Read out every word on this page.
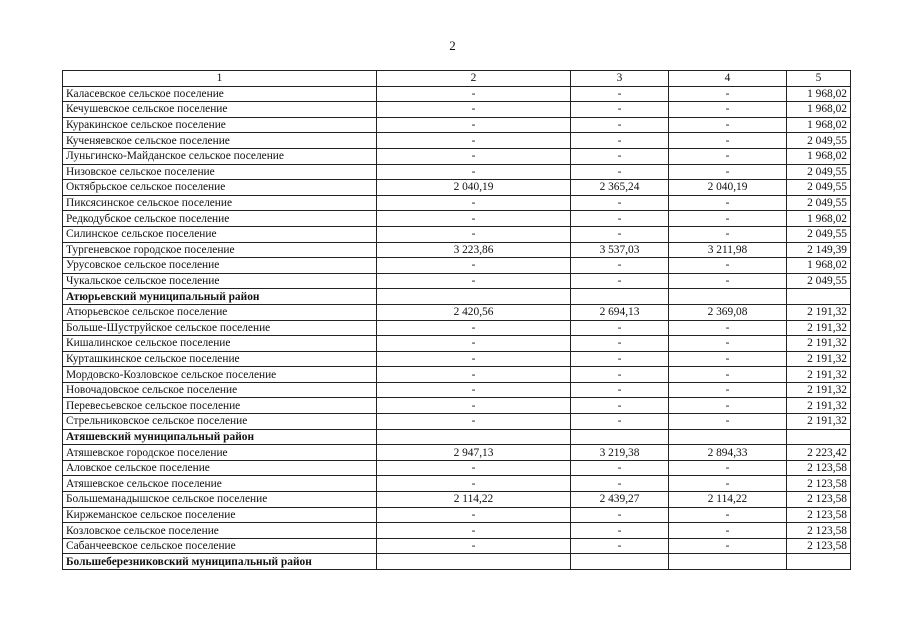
2
1	2	3	4	5
Каласевское сельское поселение	-	-	-	1 968,02
Кечушевское сельское поселение	-	-	-	1 968,02
Куракинское сельское поселение	-	-	-	1 968,02
Кученяевское сельское поселение	-	-	-	2 049,55
Луньгинско-Майданское сельское поселение	-	-	-	1 968,02
Низовское сельское поселение	-	-	-	2 049,55
Октябрьское сельское поселение	2 040,19	2 365,24	2 040,19	2 049,55
Пиксясинское сельское поселение	-	-	-	2 049,55
Редкодубское сельское поселение	-	-	-	1 968,02
Силинское сельское поселение	-	-	-	2 049,55
Тургеневское городское поселение	3 223,86	3 537,03	3 211,98	2 149,39
Урусовское сельское поселение	-	-	-	1 968,02
Чукальское сельское поселение	-	-	-	2 049,55
Атюрьевский муниципальный район				
Атюрьевское сельское поселение	2 420,56	2 694,13	2 369,08	2 191,32
Больше-Шуструйское сельское поселение	-	-	-	2 191,32
Кишалинское сельское поселение	-	-	-	2 191,32
Курташкинское сельское поселение	-	-	-	2 191,32
Мордовско-Козловское сельское поселение	-	-	-	2 191,32
Новочадовское сельское поселение	-	-	-	2 191,32
Перевесьевское сельское поселение	-	-	-	2 191,32
Стрельниковское сельское поселение	-	-	-	2 191,32
Атяшевский муниципальный район				
Атяшевское городское поселение	2 947,13	3 219,38	2 894,33	2 223,42
Аловское сельское поселение	-	-	-	2 123,58
Атяшевское сельское поселение	-	-	-	2 123,58
Большеманадышское сельское поселение	2 114,22	2 439,27	2 114,22	2 123,58
Киржеманское сельское поселение	-	-	-	2 123,58
Козловское сельское поселение	-	-	-	2 123,58
Сабанчеевское сельское поселение	-	-	-	2 123,58
Большеберезниковский муниципальный район				
